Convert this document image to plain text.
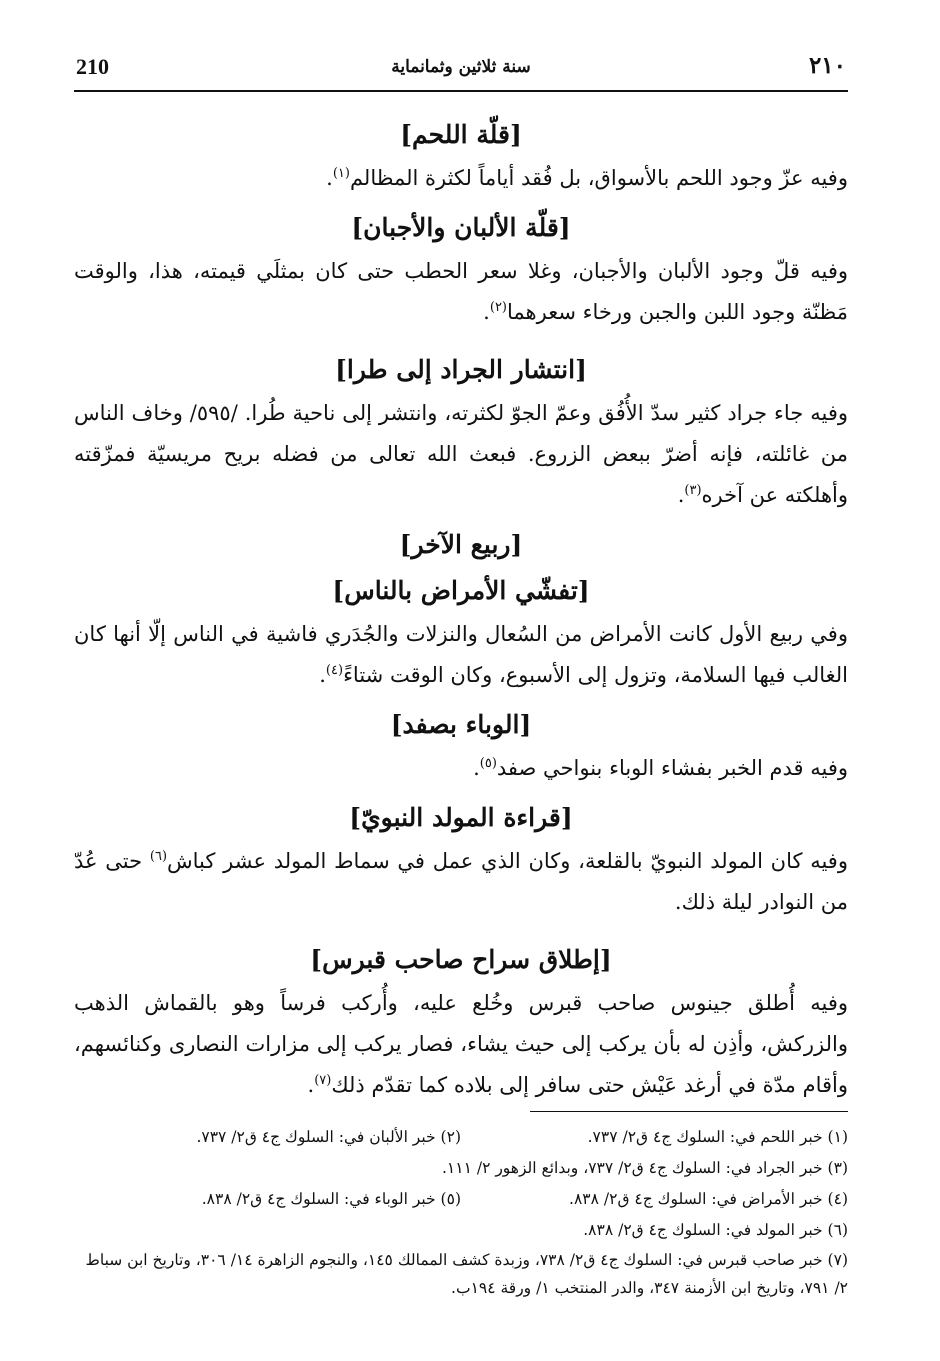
210	سنة ثلاثين وثمانماية	٢١٠
[قلّة اللحم]

وفيه عزّ وجود اللحم بالأسواق، بل فُقد أياماً لكثرة المظالم$^{(١)}$.

[قلّة الألبان والأجبان]

وفيه قلّ وجود الألبان والأجبان، وغلا سعر الحطب حتى كان بمثلَي قيمته، هذا، والوقت مَظنّة وجود اللبن والجبن ورخاء سعرهما$^{(٢)}$.

[انتشار الجراد إلى طرا]

وفيه جاء جراد كثير سدّ الأُفُق وعمّ الجوّ لكثرته، وانتشر إلى ناحية طُرا. /٥٩٥/ وخاف الناس من غائلته، فإنه أضرّ ببعض الزروع. فبعث الله تعالى من فضله بريح مريسيّة فمزّقته وأهلكته عن آخره$^{(٣)}$.

[ربيع الآخر]
[تفشّي الأمراض بالناس]

وفي ربيع الأول كانت الأمراض من السُعال والنزلات والجُدَري فاشية في الناس إلّا أنها كان الغالب فيها السلامة، وتزول إلى الأسبوع، وكان الوقت شتاءً$^{(٤)}$.

[الوباء بصفد]

وفيه قدم الخبر بفشاء الوباء بنواحي صفد$^{(٥)}$.

[قراءة المولد النبويّ]

وفيه كان المولد النبويّ بالقلعة، وكان الذي عمل في سماط المولد عشر كباش$^{(٦)}$ حتى عُدّ من النوادر ليلة ذلك.

[إطلاق سراح صاحب قبرس]

وفيه أُطلق جينوس صاحب قبرس وخُلع عليه، وأُركب فرساً وهو بالقماش الذهب والزركش، وأذِن له بأن يركب إلى حيث يشاء، فصار يركب إلى مزارات النصارى وكنائسهم، وأقام مدّة في أرغد عَيْش حتى سافر إلى بلاده كما تقدّم ذلك$^{(٧)}$.

(١) خبر اللحم في: السلوك ج٤ ق٢/ ٧٣٧.
(٢) خبر الألبان في: السلوك ج٤ ق٢/ ٧٣٧.
(٣) خبر الجراد في: السلوك ج٤ ق٢/ ٧٣٧، وبدائع الزهور ٢/ ١١١.
(٤) خبر الأمراض في: السلوك ج٤ ق٢/ ٨٣٨.
(٥) خبر الوباء في: السلوك ج٤ ق٢/ ٨٣٨.
(٦) خبر المولد في: السلوك ج٤ ق٢/ ٨٣٨.
(٧) خبر صاحب قبرس في: السلوك ج٤ ق٢/ ٧٣٨، وزبدة كشف الممالك ١٤٥، والنجوم الزاهرة ١٤/ ٣٠٦، وتاريخ ابن سباط ٢/ ٧٩١، وتاريخ ابن الأزمنة ٣٤٧، والدر المنتخب ١/ ورقة ١٩٤ب.
